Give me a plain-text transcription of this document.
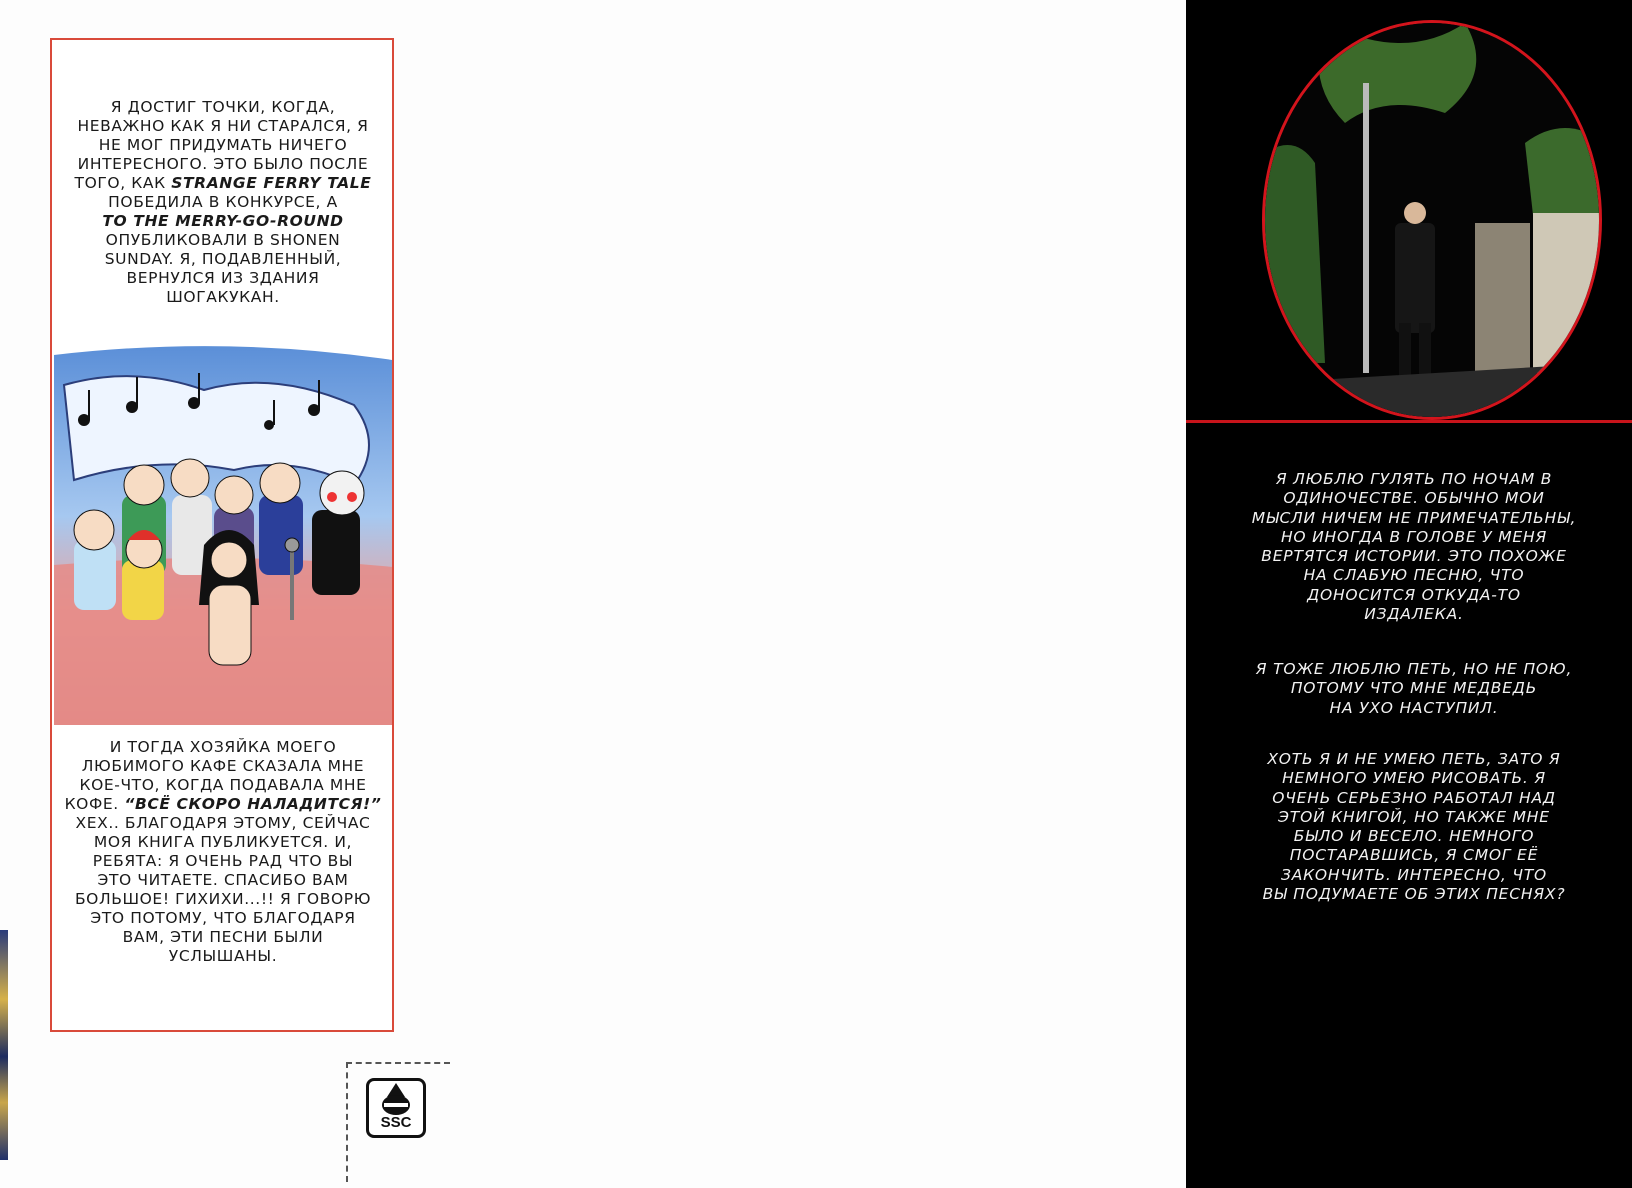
Я ДОСТИГ ТОЧКИ, КОГДА,
НЕВАЖНО КАК Я НИ СТАРАЛСЯ, Я
НЕ МОГ ПРИДУМАТЬ НИЧЕГО
ИНТЕРЕСНОГО. ЭТО БЫЛО ПОСЛЕ
ТОГО, КАК STRANGE FERRY TALE
ПОБЕДИЛА В КОНКУРСЕ, А
TO THE MERRY-GO-ROUND
ОПУБЛИКОВАЛИ В SHONEN
SUNDAY. Я, ПОДАВЛЕННЫЙ,
ВЕРНУЛСЯ ИЗ ЗДАНИЯ
ШОГАКУКАН.
И ТОГДА ХОЗЯЙКА МОЕГО
ЛЮБИМОГО КАФЕ СКАЗАЛА МНЕ
КОЕ-ЧТО, КОГДА ПОДАВАЛА МНЕ
КОФЕ. “ВСЁ СКОРО НАЛАДИТСЯ!”
ХЕХ.. БЛАГОДАРЯ ЭТОМУ, СЕЙЧАС
МОЯ КНИГА ПУБЛИКУЕТСЯ. И,
РЕБЯТА: Я ОЧЕНЬ РАД ЧТО ВЫ
ЭТО ЧИТАЕТЕ. СПАСИБО ВАМ
БОЛЬШОЕ! ГИХИХИ...!! Я ГОВОРЮ
ЭТО ПОТОМУ, ЧТО БЛАГОДАРЯ
ВАМ, ЭТИ ПЕСНИ БЫЛИ
УСЛЫШАНЫ.
SSC
Я ЛЮБЛЮ ГУЛЯТЬ ПО НОЧАМ В
ОДИНОЧЕСТВЕ. ОБЫЧНО МОИ
МЫСЛИ НИЧЕМ НЕ ПРИМЕЧАТЕЛЬНЫ,
НО ИНОГДА В ГОЛОВЕ У МЕНЯ
ВЕРТЯТСЯ ИСТОРИИ. ЭТО ПОХОЖЕ
НА СЛАБУЮ ПЕСНЮ, ЧТО
ДОНОСИТСЯ ОТКУДА-ТО
ИЗДАЛЕКА.
Я ТОЖЕ ЛЮБЛЮ ПЕТЬ, НО НЕ ПОЮ,
ПОТОМУ ЧТО МНЕ МЕДВЕДЬ
НА УХО НАСТУПИЛ.
ХОТЬ Я И НЕ УМЕЮ ПЕТЬ, ЗАТО Я
НЕМНОГО УМЕЮ РИСОВАТЬ. Я
ОЧЕНЬ СЕРЬЕЗНО РАБОТАЛ НАД
ЭТОЙ КНИГОЙ, НО ТАКЖЕ МНЕ
БЫЛО И ВЕСЕЛО. НЕМНОГО
ПОСТАРАВШИСЬ, Я СМОГ ЕЁ
ЗАКОНЧИТЬ. ИНТЕРЕСНО, ЧТО
ВЫ ПОДУМАЕТЕ ОБ ЭТИХ ПЕСНЯХ?
